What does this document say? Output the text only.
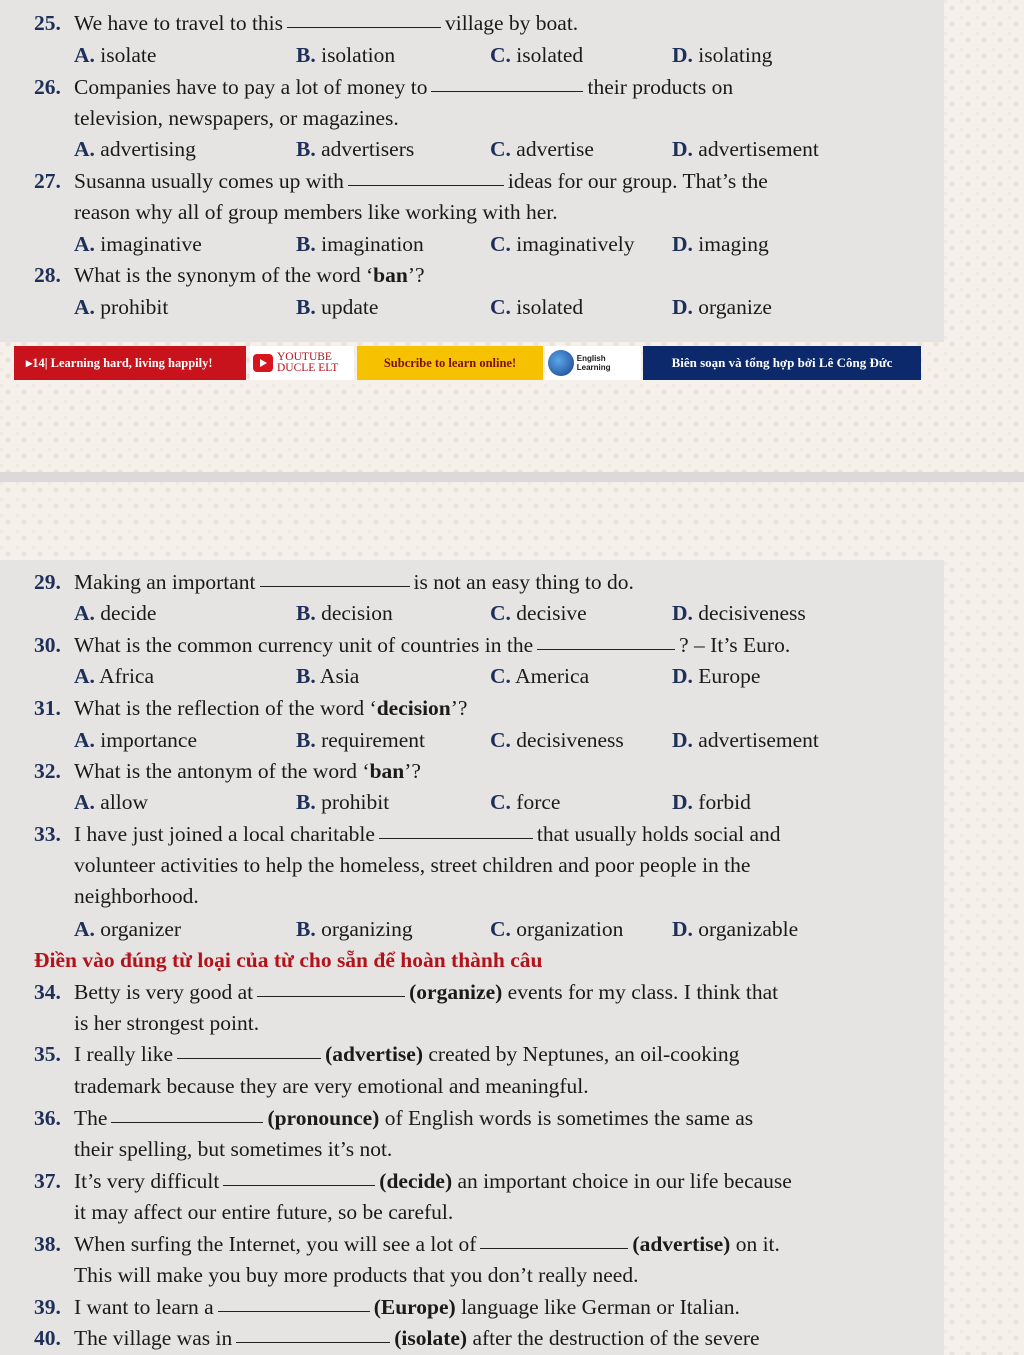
25. We have to travel to this	village by boat.
A. isolate	B. isolation	C. isolated	D. isolating
26. Companies have to pay a lot of money to	their products on
television, newspapers, or magazines.
A. advertising	B. advertisers	C. advertise	D. advertisement
27. Susanna usually comes up with	ideas for our group. That’s the
reason why all of group members like working with her.
A. imaginative	B. imagination	C. imaginatively D. imaging
28. What is the synonym of the word ‘ban’?
A. prohibit	B. update	C. isolated	D. organize
▸14| Learning hard, living happily!	YOUTUBE
DUCLE ELT	Subcribe to learn online!	English Learning	Biên soạn và tổng hợp bởi Lê Công Đức
29. Making an important	is not an easy thing to do.
A. decide	B. decision	C. decisive	D. decisiveness
30. What is the common currency unit of countries in the	? – It’s Euro.
A. Africa	B. Asia	C. America	D. Europe
31. What is the reflection of the word ‘decision’?
A. importance	B. requirement	C. decisiveness D. advertisement
32. What is the antonym of the word ‘ban’?
A. allow	B. prohibit	C. force	D. forbid
33. I have just joined a local charitable	that usually holds social and
volunteer activities to help the homeless, street children and poor people in the
neighborhood.
A. organizer	B. organizing	C. organization D. organizable
Điền vào đúng từ loại của từ cho sẵn để hoàn thành câu
34. Betty is very good at	(organize) events for my class. I think that
is her strongest point.
35. I really like	(advertise) created by Neptunes, an oil-cooking
trademark because they are very emotional and meaningful.
36. The	(pronounce) of English words is sometimes the same as
their spelling, but sometimes it’s not.
37. It’s very difficult	(decide) an important choice in our life because
it may affect our entire future, so be careful.
38. When surfing the Internet, you will see a lot of	(advertise) on it.
This will make you buy more products that you don’t really need.
39. I want to learn a	(Europe) language like German or Italian.
40. The village was in	(isolate) after the destruction of the severe
